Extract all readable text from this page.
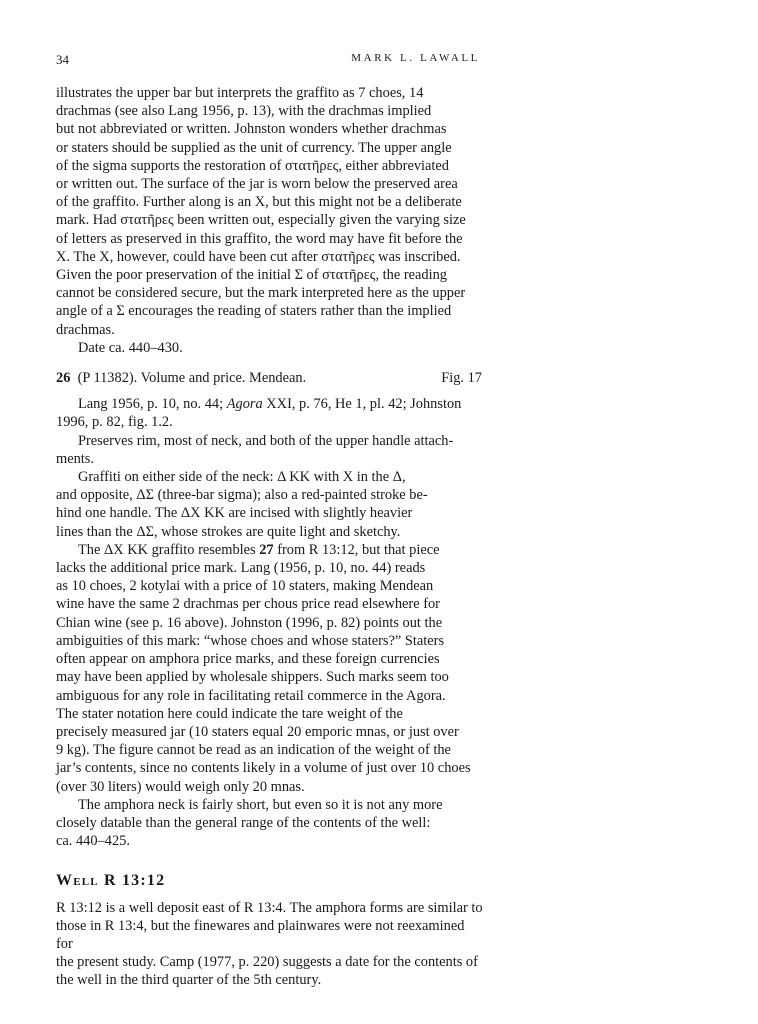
34	MARK L. LAWALL

illustrates the upper bar but interprets the graffito as 7 choes, 14
drachmas (see also Lang 1956, p. 13), with the drachmas implied
but not abbreviated or written. Johnston wonders whether drachmas
or staters should be supplied as the unit of currency. The upper angle
of the sigma supports the restoration of στατῆρες, either abbreviated
or written out. The surface of the jar is worn below the preserved area
of the graffito. Further along is an X, but this might not be a deliberate
mark. Had στατῆρες been written out, especially given the varying size
of letters as preserved in this graffito, the word may have fit before the
X. The X, however, could have been cut after στατῆρες was inscribed.
Given the poor preservation of the initial Σ of στατῆρες, the reading
cannot be considered secure, but the mark interpreted here as the upper
angle of a Σ encourages the reading of staters rather than the implied
drachmas.

Date ca. 440–430.

26 (P 11382). Volume and price. Mendean.	Fig. 17

Lang 1956, p. 10, no. 44; Agora XXI, p. 76, He 1, pl. 42; Johnston
1996, p. 82, fig. 1.2.

Preserves rim, most of neck, and both of the upper handle attach-
ments.

Graffiti on either side of the neck: Δ KK with X in the Δ,
and opposite, ΔΣ (three-bar sigma); also a red-painted stroke be-
hind one handle. The ΔX KK are incised with slightly heavier
lines than the ΔΣ, whose strokes are quite light and sketchy.

The ΔX KK graffito resembles 27 from R 13:12, but that piece
lacks the additional price mark. Lang (1956, p. 10, no. 44) reads
as 10 choes, 2 kotylai with a price of 10 staters, making Mendean
wine have the same 2 drachmas per chous price read elsewhere for
Chian wine (see p. 16 above). Johnston (1996, p. 82) points out the
ambiguities of this mark: “whose choes and whose staters?” Staters
often appear on amphora price marks, and these foreign currencies
may have been applied by wholesale shippers. Such marks seem too
ambiguous for any role in facilitating retail commerce in the Agora.
The stater notation here could indicate the tare weight of the
precisely measured jar (10 staters equal 20 emporic mnas, or just over
9 kg). The figure cannot be read as an indication of the weight of the
jar’s contents, since no contents likely in a volume of just over 10 choes
(over 30 liters) would weigh only 20 mnas.

The amphora neck is fairly short, but even so it is not any more
closely datable than the general range of the contents of the well:
ca. 440–425.

Well R 13:12

R 13:12 is a well deposit east of R 13:4. The amphora forms are similar to
those in R 13:4, but the finewares and plainwares were not reexamined for
the present study. Camp (1977, p. 220) suggests a date for the contents of
the well in the third quarter of the 5th century.
